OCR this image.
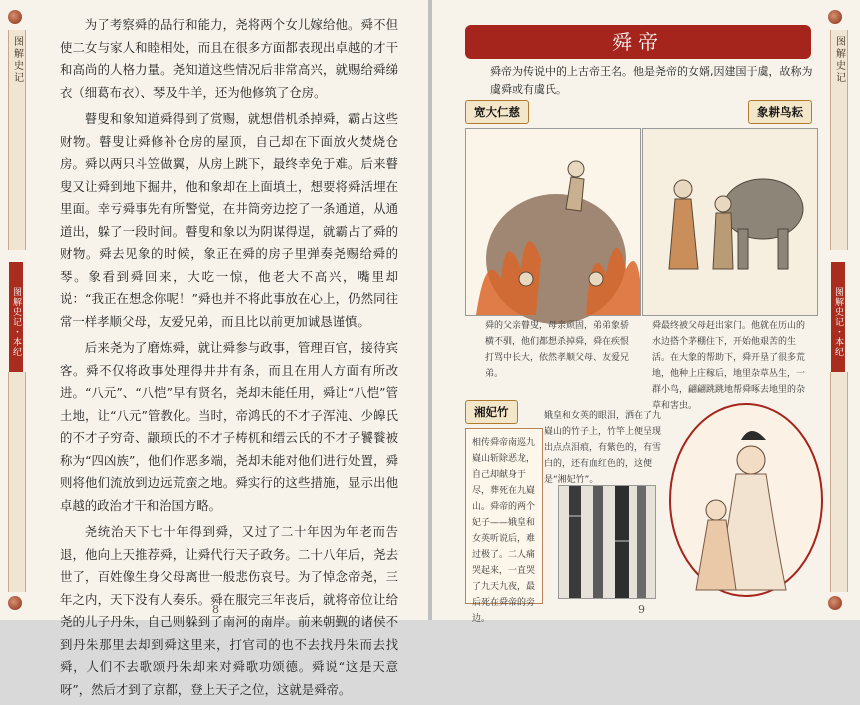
图解史记
图解史记・本纪

为了考察舜的品行和能力，尧将两个女儿嫁给他。舜不但使二女与家人和睦相处，而且在很多方面都表现出卓越的才干和高尚的人格力量。尧知道这些情况后非常高兴，就赐给舜绨衣（细葛布衣）、琴及牛羊，还为他修筑了仓房。

瞽叟和象知道舜得到了赏赐，就想借机杀掉舜，霸占这些财物。瞽叟让舜修补仓房的屋顶，自己却在下面放火焚烧仓房。舜以两只斗笠做翼，从房上跳下，最终幸免于难。后来瞽叟又让舜到地下掘井，他和象却在上面填土，想要将舜活埋在里面。幸亏舜事先有所警觉，在井筒旁边挖了一条通道，从通道出，躲了一段时间。瞽叟和象以为阴谋得逞，就霸占了舜的财物。舜去见象的时候，象正在舜的房子里弹奏尧赐给舜的琴。象看到舜回来，大吃一惊，他老大不高兴，嘴里却说：“我正在想念你呢！”舜也并不将此事放在心上，仍然同往常一样孝顺父母，友爱兄弟，而且比以前更加诚恳谨慎。

后来尧为了磨炼舜，就让舜参与政事，管理百官，接待宾客。舜不仅将政事处理得井井有条，而且在用人方面有所改进。“八元”、“八恺”早有贤名，尧却未能任用，舜让“八恺”管土地，让“八元”管教化。当时，帝鸿氏的不才子浑沌、少皞氏的不才子穷奇、颛顼氏的不才子梼杌和缙云氏的不才子饕餮被称为“四凶族”，他们作恶多端，尧却未能对他们进行处置，舜则将他们流放到边远荒蛮之地。舜实行的这些措施，显示出他卓越的政治才干和治国方略。

尧统治天下七十年得到舜，又过了二十年因为年老而告退，他向上天推荐舜，让舜代行天子政务。二十八年后，尧去世了，百姓像生身父母离世一般悲伤哀号。为了悼念帝尧，三年之内，天下没有人奏乐。舜在服完三年丧后，就将帝位让给尧的儿子丹朱，自己则躲到了南河的南岸。前来朝觐的诸侯不到丹朱那里去却到舜这里来，打官司的也不去找丹朱而去找舜，人们不去歌颂丹朱却来对舜歌功颂德。舜说“这是天意呀”，然后才到了京都，登上天子之位，这就是舜帝。

8
图解史记
图解史记・本纪
舜帝
舜帝为传说中的上古帝王名。他是尧帝的女婿,因建国于虞，故称为虞舜或有虞氏。
宽大仁慈	象耕鸟耘
舜的父亲瞽叟，母亲顽固，弟弟象骄横不驯，他们都想杀掉舜，舜在疾恨打骂中长大，依然孝顺父母、友爱兄弟。
舜最终被父母赶出家门。他就在历山的水边搭个茅棚住下，开始他艰苦的生活。在大象的帮助下，舜开垦了很多荒地，他种上庄稼后，地里杂草丛生，一群小鸟，翩翩跳跳地帮舜啄去地里的杂草和害虫。
湘妃竹
相传舜帝南巡九嶷山斩除恶龙，自己却献身于尽，葬死在九嶷山。舜帝的两个妃子——娥皇和女英听说后，难过极了。二人痛哭起来，一直哭了九天九夜，最后死在舜帝的旁边。
娥皇和女英的眼泪，洒在了九嶷山的竹子上，竹竿上便呈现出点点泪痕，有紫色的，有雪白的，还有血红色的，这便是“湘妃竹”。
9
